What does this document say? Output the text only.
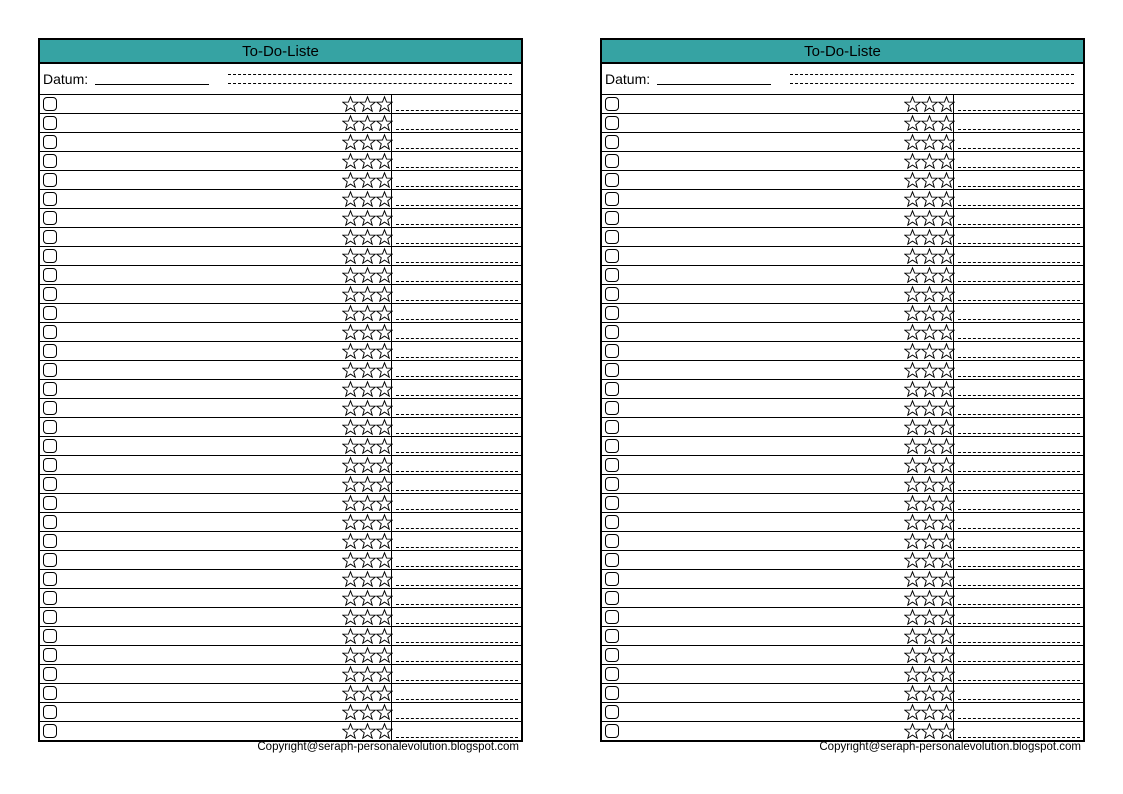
To-Do-Liste
Datum:
Copyright@seraph-personalevolution.blogspot.com
To-Do-Liste
Datum:
Copyright@seraph-personalevolution.blogspot.com
